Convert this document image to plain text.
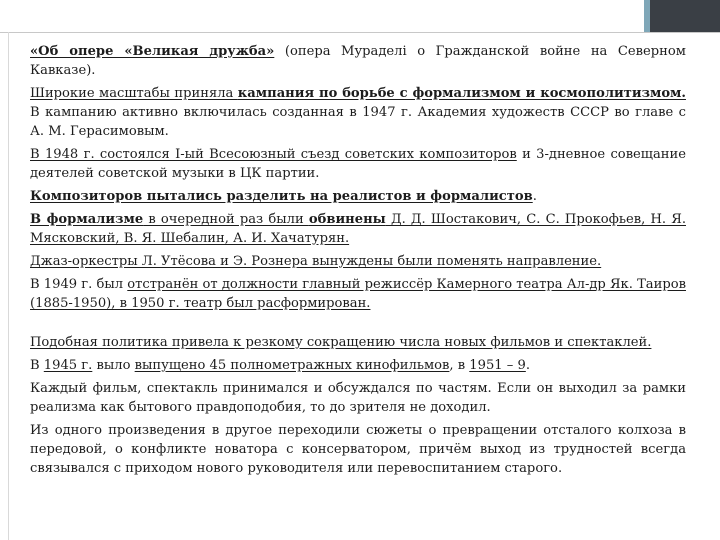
«Об опере «Великая дружба» (опера Мураделі о Гражданской войне на Северном Кавказе).

Широкие масштабы приняла кампания по борьбе с формализмом и космополитизмом. В кампанию активно включилась созданная в 1947 г. Академия художеств СССР во главе с А. М. Герасимовым.

В 1948 г. состоялся I-ый Всесоюзный съезд советских композиторов и 3-дневное совещание деятелей советской музыки в ЦК партии.

Композиторов пытались разделить на реалистов и формалистов.

В формализме в очередной раз были обвинены Д. Д. Шостакович, С. С. Прокофьев, Н. Я. Мясковский, В. Я. Шебалин, А. И. Хачатурян.

Джаз-оркестры Л. Утёсова и Э. Рознера вынуждены были поменять направление.

В 1949 г. был отстранён от должности главный режиссёр Камерного театра Ал-др Як. Таиров (1885-1950), в 1950 г. театр был расформирован.

Подобная политика привела к резкому сокращению числа новых фильмов и спектаклей.

В 1945 г. выло выпущено 45 полнометражных кинофильмов, в 1951 – 9.

Каждый фильм, спектакль принимался и обсуждался по частям. Если он выходил за рамки реализма как бытового правдоподобия, то до зрителя не доходил.

Из одного произведения в другое переходили сюжеты о превращении отсталого колхоза в передовой, о конфликте новатора с консерватором, причём выход из трудностей всегда связывался с приходом нового руководителя или перевоспитанием старого.
